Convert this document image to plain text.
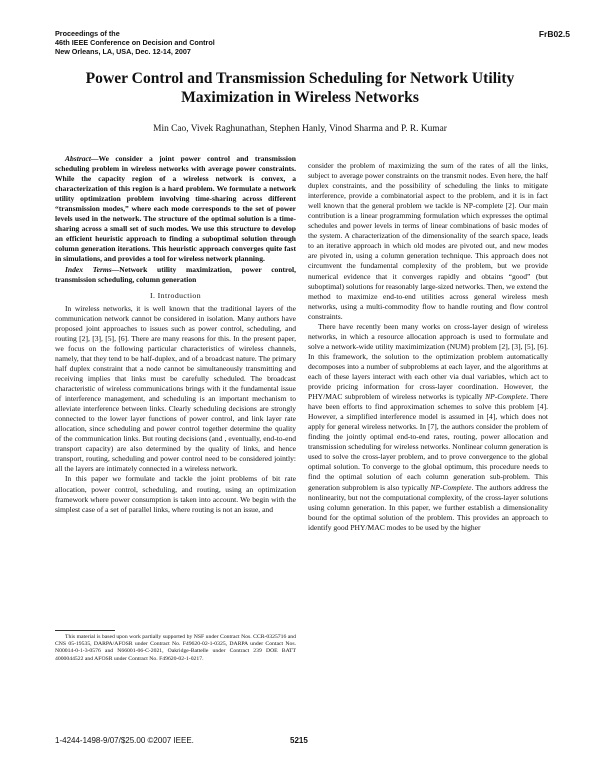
Proceedings of the
46th IEEE Conference on Decision and Control
New Orleans, LA, USA, Dec. 12-14, 2007
FrB02.5
Power Control and Transmission Scheduling for Network Utility
Maximization in Wireless Networks
Min Cao, Vivek Raghunathan, Stephen Hanly, Vinod Sharma and P. R. Kumar

Abstract—We consider a joint power control and transmission scheduling problem in wireless networks with average power constraints. While the capacity region of a wireless network is convex, a characterization of this region is a hard problem. We formulate a network utility optimization problem involving time-sharing across different “transmission modes,” where each mode corresponds to the set of power levels used in the network. The structure of the optimal solution is a time-sharing across a small set of such modes. We use this structure to develop an efficient heuristic approach to finding a suboptimal solution through column generation iterations. This heuristic approach converges quite fast in simulations, and provides a tool for wireless network planning.

Index Terms—Network utility maximization, power control, transmission scheduling, column generation

I. Introduction

In wireless networks, it is well known that the traditional layers of the communication network cannot be considered in isolation. Many authors have proposed joint approaches to issues such as power control, scheduling, and routing [2], [3], [5], [6]. There are many reasons for this. In the present paper, we focus on the following particular characteristics of wireless channels, namely, that they tend to be half-duplex, and of a broadcast nature. The primary half duplex constraint that a node cannot be simultaneously transmitting and receiving implies that links must be carefully scheduled. The broadcast characteristic of wireless communications brings with it the fundamental issue of interference management, and scheduling is an important mechanism to alleviate interference between links. Clearly scheduling decisions are strongly connected to the lower layer functions of power control, and link layer rate allocation, since scheduling and power control together determine the quality of the communication links. But routing decisions (and , eventually, end-to-end transport capacity) are also determined by the quality of links, and hence transport, routing, scheduling and power control need to be considered jointly: all the layers are intimately connected in a wireless network.

In this paper we formulate and tackle the joint problems of bit rate allocation, power control, scheduling, and routing, using an optimization framework where power consumption is taken into account. We begin with the simplest case of a set of parallel links, where routing is not an issue, and

This material is based upon work partially supported by NSF under Contract Nos. CCR-0325716 and CNS 05-19535, DARPA/AFOSR under Contract No. F49620-02-1-0325, DARPA under Contact Nos. N00014-0-1-3-0576 and N66001-06-C-2021, Oakridge-Battelle under Contract 239 DOE BATT 4000044522 and AFOSR under Contract No. F49620-02-1-0217.

consider the problem of maximizing the sum of the rates of all the links, subject to average power constraints on the transmit nodes. Even here, the half duplex constraints, and the possibility of scheduling the links to mitigate interference, provide a combinatorial aspect to the problem, and it is in fact well known that the general problem we tackle is NP-complete [2]. Our main contribution is a linear programming formulation which expresses the optimal schedules and power levels in terms of linear combinations of basic modes of the system. A characterization of the dimensionality of the search space, leads to an iterative approach in which old modes are pivoted out, and new modes are pivoted in, using a column generation technique. This approach does not circumvent the fundamental complexity of the problem, but we provide numerical evidence that it converges rapidly and obtains “good” (but suboptimal) solutions for reasonably large-sized networks. Then, we extend the method to maximize end-to-end utilities across general wireless mesh networks, using a multi-commodity flow to handle routing and flow control constraints.

There have recently been many works on cross-layer design of wireless networks, in which a resource allocation approach is used to formulate and solve a network-wide utility maximimization (NUM) problem [2], [3], [5], [6]. In this framework, the solution to the optimization problem automatically decomposes into a number of subproblems at each layer, and the algorithms at each of these layers interact with each other via dual variables, which act to provide pricing information for cross-layer coordination. However, the PHY/MAC subproblem of wireless networks is typically NP-Complete. There have been efforts to find approximation schemes to solve this problem [4]. However, a simplified interference model is assumed in [4], which does not apply for general wireless networks. In [7], the authors consider the problem of finding the jointly optimal end-to-end rates, routing, power allocation and transmission scheduling for wireless networks. Nonlinear column generation is used to solve the cross-layer problem, and to prove convergence to the global optimal solution. To converge to the global optimum, this procedure needs to find the optimal solution of each column generation sub-problem. This generation subproblem is also typically NP-Complete. The authors address the nonlinearity, but not the computational complexity, of the cross-layer solutions using column generation. In this paper, we further establish a dimensionality bound for the optimal solution of the problem. This provides an approach to identify good PHY/MAC modes to be used by the higher

1-4244-1498-9/07/$25.00 ©2007 IEEE.	5215
